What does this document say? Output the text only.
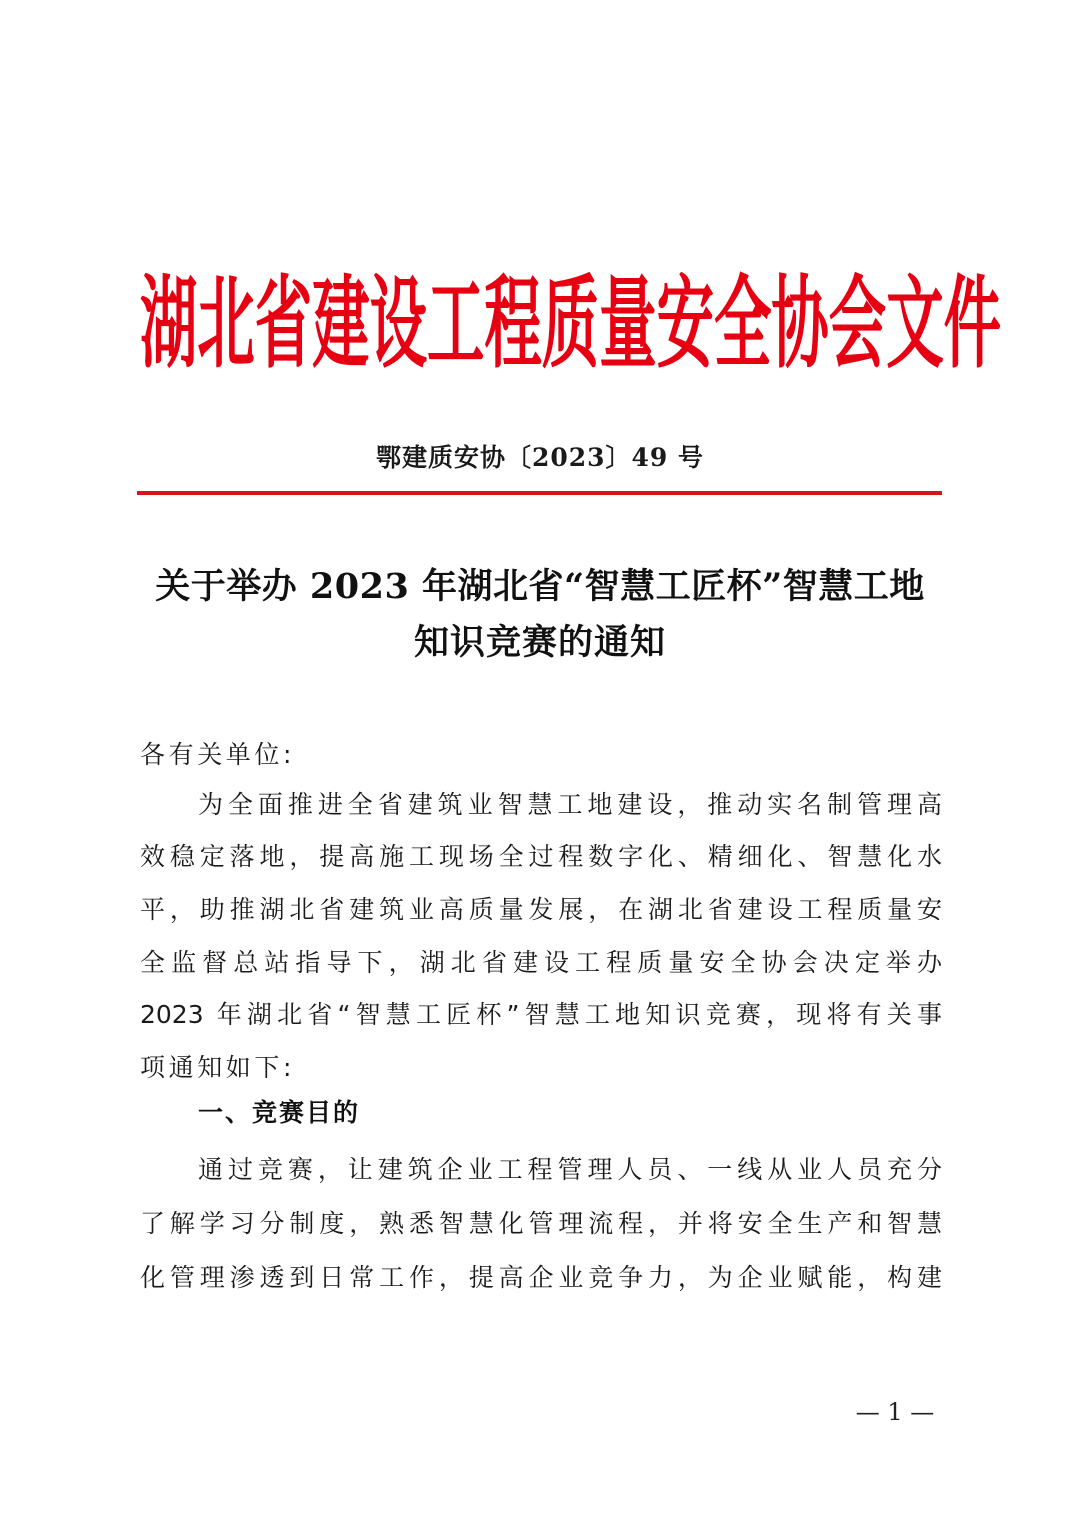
湖北省建设工程质量安全协会文件
鄂建质安协〔2023〕49 号
关于举办 2023 年湖北省“智慧工匠杯”智慧工地
知识竞赛的通知
各有关单位:
为全面推进全省建筑业智慧工地建设，推动实名制管理高
效稳定落地，提高施工现场全过程数字化、精细化、智慧化水
平，助推湖北省建筑业高质量发展，在湖北省建设工程质量安
全监督总站指导下，湖北省建设工程质量安全协会决定举办
2023 年湖北省“智慧工匠杯”智慧工地知识竞赛，现将有关事
项通知如下:
一、竞赛目的
通过竞赛，让建筑企业工程管理人员、一线从业人员充分
了解学习分制度，熟悉智慧化管理流程，并将安全生产和智慧
化管理渗透到日常工作，提高企业竞争力，为企业赋能，构建
— 1 —
